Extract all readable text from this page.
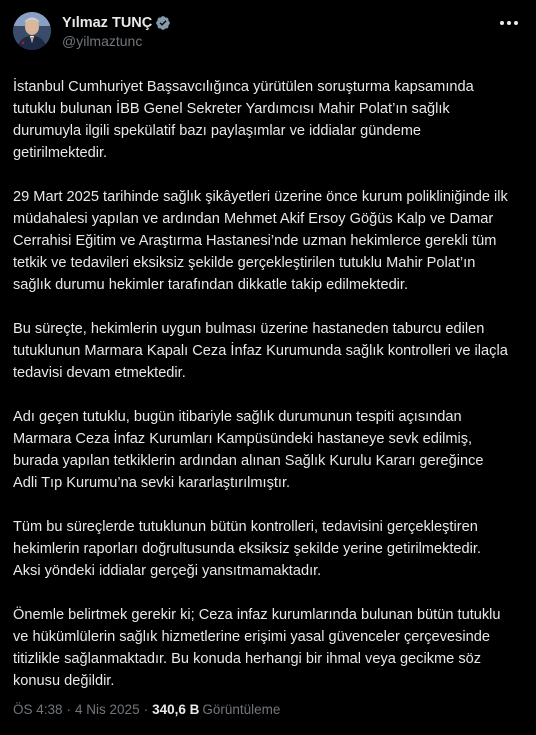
Yılmaz TUNÇ
@yilmaztunc

İstanbul Cumhuriyet Başsavcılığınca yürütülen soruşturma kapsamında tutuklu bulunan İBB Genel Sekreter Yardımcısı Mahir Polat’ın sağlık durumuyla ilgili spekülatif bazı paylaşımlar ve iddialar gündeme getirilmektedir.

29 Mart 2025 tarihinde sağlık şikâyetleri üzerine önce kurum polikliniğinde ilk müdahalesi yapılan ve ardından Mehmet Akif Ersoy Göğüs Kalp ve Damar Cerrahisi Eğitim ve Araştırma Hastanesi’nde uzman hekimlerce gerekli tüm tetkik ve tedavileri eksiksiz şekilde gerçekleştirilen tutuklu Mahir Polat’ın sağlık durumu hekimler tarafından dikkatle takip edilmektedir.

Bu süreçte, hekimlerin uygun bulması üzerine hastaneden taburcu edilen tutuklunun Marmara Kapalı Ceza İnfaz Kurumunda sağlık kontrolleri ve ilaçla tedavisi devam etmektedir.

Adı geçen tutuklu, bugün itibariyle sağlık durumunun tespiti açısından Marmara Ceza İnfaz Kurumları Kampüsündeki hastaneye sevk edilmiş, burada yapılan tetkiklerin ardından alınan Sağlık Kurulu Kararı gereğince Adli Tıp Kurumu’na sevki kararlaştırılmıştır.

Tüm bu süreçlerde tutuklunun bütün kontrolleri, tedavisini gerçekleştiren hekimlerin raporları doğrultusunda eksiksiz şekilde yerine getirilmektedir. Aksi yöndeki iddialar gerçeği yansıtmamaktadır.

Önemle belirtmek gerekir ki; Ceza infaz kurumlarında bulunan bütün tutuklu ve hükümlülerin sağlık hizmetlerine erişimi yasal güvenceler çerçevesinde titizlikle sağlanmaktadır. Bu konuda herhangi bir ihmal veya gecikme söz konusu değildir.

ÖS 4:38 · 4 Nis 2025 · 340,6 B Görüntüleme
